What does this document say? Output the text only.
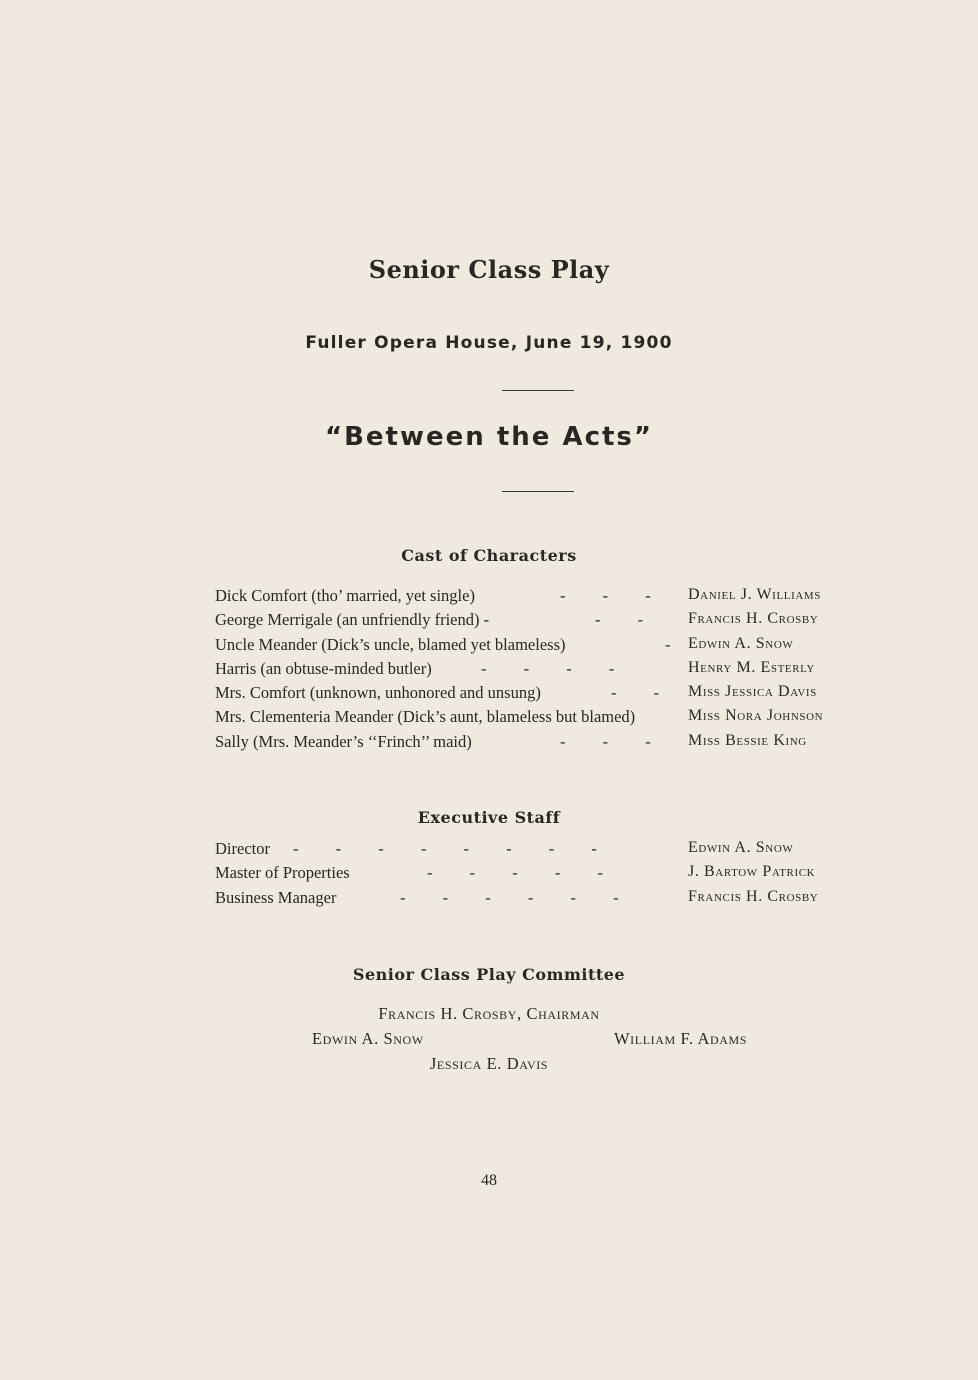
Senior Class Play
Fuller Opera House, June 19, 1900
“Between the Acts”
Cast of Characters
Dick Comfort (tho’ married, yet single)	-         -         - Daniel J. Williams
George Merrigale (an unfriendly friend) -	-         -	Francis H. Crosby
Uncle Meander (Dick’s uncle, blamed yet blameless)	- Edwin A. Snow
Harris (an obtuse-minded butler)	-         -         -         -	Henry M. Esterly
Mrs. Comfort (unknown, unhonored and unsung)	-         - Miss Jessica Davis
Mrs. Clementeria Meander (Dick’s aunt, blameless but blamed)	Miss Nora Johnson
Sally (Mrs. Meander’s ‘‘Frinch’’ maid)	-         -         - Miss Bessie King
Executive Staff
Director -         -         -         -         -         -         -         -	Edwin A. Snow
Master of Properties	-         -         -         -         -	J. Bartow Patrick
Business Manager	-         -         -         -         -         -	Francis H. Crosby
Senior Class Play Committee
Francis H. Crosby, Chairman
Edwin A. Snow	William F. Adams
Jessica E. Davis
48
